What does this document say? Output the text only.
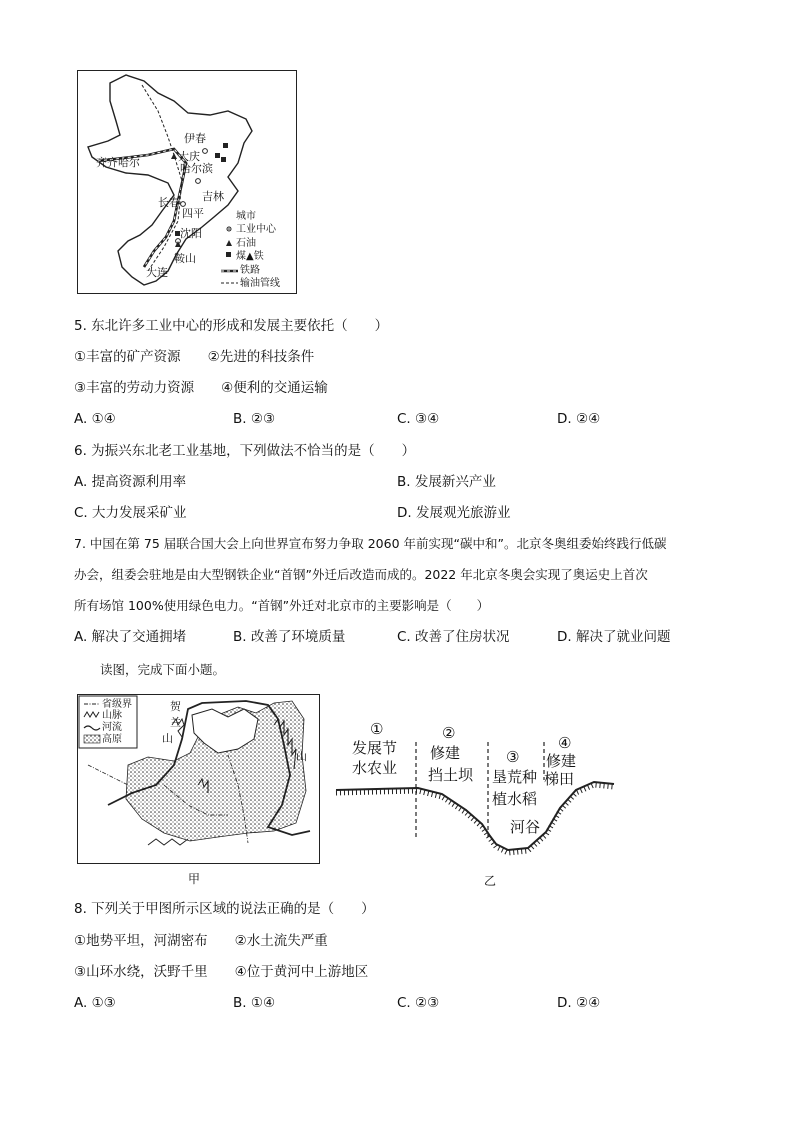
伊春
大庆
齐齐哈尔	哈尔滨
吉林
长春
四平
沈阳
鞍山
大连
城市
工业中心
石油
煤▲铁
铁路
输油管线
5. 东北许多工业中心的形成和发展主要依托（　　）
①丰富的矿产资源　　②先进的科技条件
③丰富的劳动力资源　　④便利的交通运输
A. ①④	B. ②③	C. ③④	D. ②④
6. 为振兴东北老工业基地，下列做法不恰当的是（　　）
A. 提高资源利用率	B. 发展新兴产业
C. 大力发展采矿业	D. 发展观光旅游业
7. 中国在第 75 届联合国大会上向世界宣布努力争取 2060 年前实现“碳中和”。北京冬奥组委始终践行低碳
办会，组委会驻地是由大型钢铁企业“首钢”外迁后改造而成的。2022 年北京冬奥会实现了奥运史上首次
所有场馆 100%使用绿色电力。“首钢”外迁对北京市的主要影响是（　　）
A. 解决了交通拥堵	B. 改善了环境质量	C. 改善了住房状况	D. 解决了就业问题
读图，完成下面小题。
贺
兰
山
山
省级界
山脉
河流
高原
甲
①
发展节
水农业
②
修建
挡土坝
③
垦荒种
植水稻
④
修建
梯田
河谷
乙
8. 下列关于甲图所示区域的说法正确的是（　　）
①地势平坦，河湖密布　　②水土流失严重
③山环水绕，沃野千里　　④位于黄河中上游地区
A. ①③	B. ①④	C. ②③	D. ②④
